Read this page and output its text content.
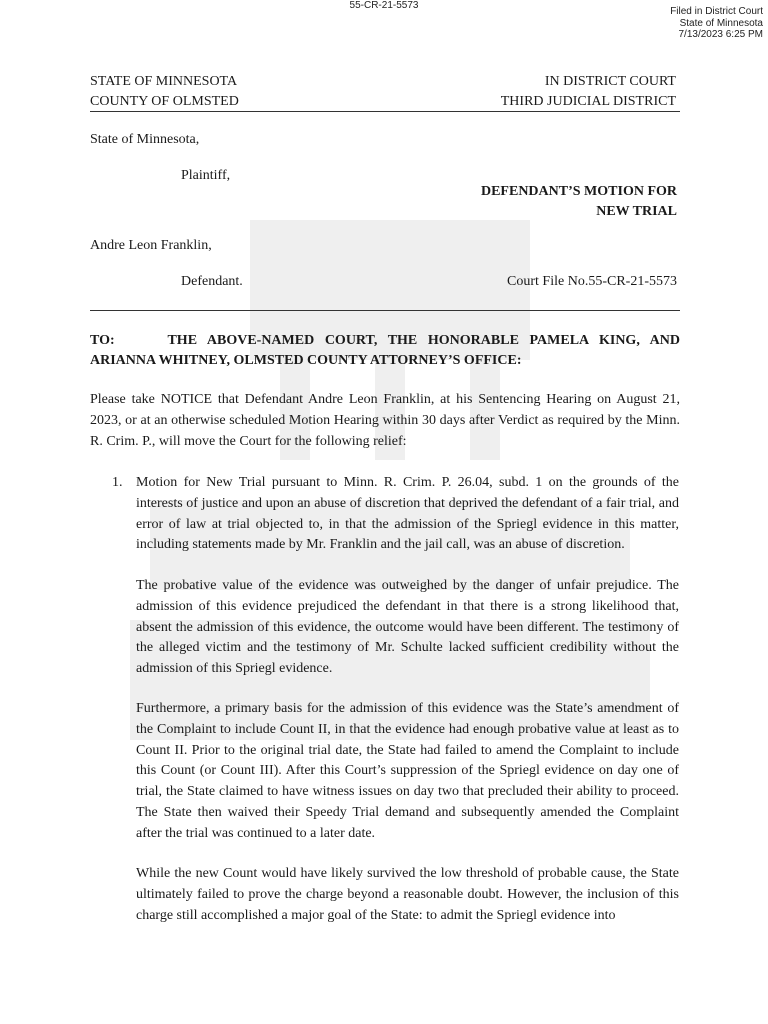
55-CR-21-5573
Filed in District Court
State of Minnesota
7/13/2023 6:25 PM
STATE OF MINNESOTA
COUNTY OF OLMSTED
IN DISTRICT COURT
THIRD JUDICIAL DISTRICT
State of Minnesota,
Plaintiff,
DEFENDANT’S MOTION FOR
NEW TRIAL
Andre Leon Franklin,
Defendant.	Court File No.55-CR-21-5573
TO:     THE ABOVE-NAMED COURT, THE HONORABLE PAMELA KING, AND
ARIANNA WHITNEY, OLMSTED COUNTY ATTORNEY’S OFFICE:
Please take NOTICE that Defendant Andre Leon Franklin, at his Sentencing Hearing on August 21, 2023, or at an otherwise scheduled Motion Hearing within 30 days after Verdict as required by the Minn. R. Crim. P., will move the Court for the following relief:
1. Motion for New Trial pursuant to Minn. R. Crim. P. 26.04, subd. 1 on the grounds of the interests of justice and upon an abuse of discretion that deprived the defendant of a fair trial, and error of law at trial objected to, in that the admission of the Spriegl evidence in this matter, including statements made by Mr. Franklin and the jail call, was an abuse of discretion.
The probative value of the evidence was outweighed by the danger of unfair prejudice. The admission of this evidence prejudiced the defendant in that there is a strong likelihood that, absent the admission of this evidence, the outcome would have been different. The testimony of the alleged victim and the testimony of Mr. Schulte lacked sufficient credibility without the admission of this Spriegl evidence.
Furthermore, a primary basis for the admission of this evidence was the State’s amendment of the Complaint to include Count II, in that the evidence had enough probative value at least as to Count II. Prior to the original trial date, the State had failed to amend the Complaint to include this Count (or Count III). After this Court’s suppression of the Spriegl evidence on day one of trial, the State claimed to have witness issues on day two that precluded their ability to proceed. The State then waived their Speedy Trial demand and subsequently amended the Complaint after the trial was continued to a later date.
While the new Count would have likely survived the low threshold of probable cause, the State ultimately failed to prove the charge beyond a reasonable doubt. However, the inclusion of this charge still accomplished a major goal of the State: to admit the Spriegl evidence into
